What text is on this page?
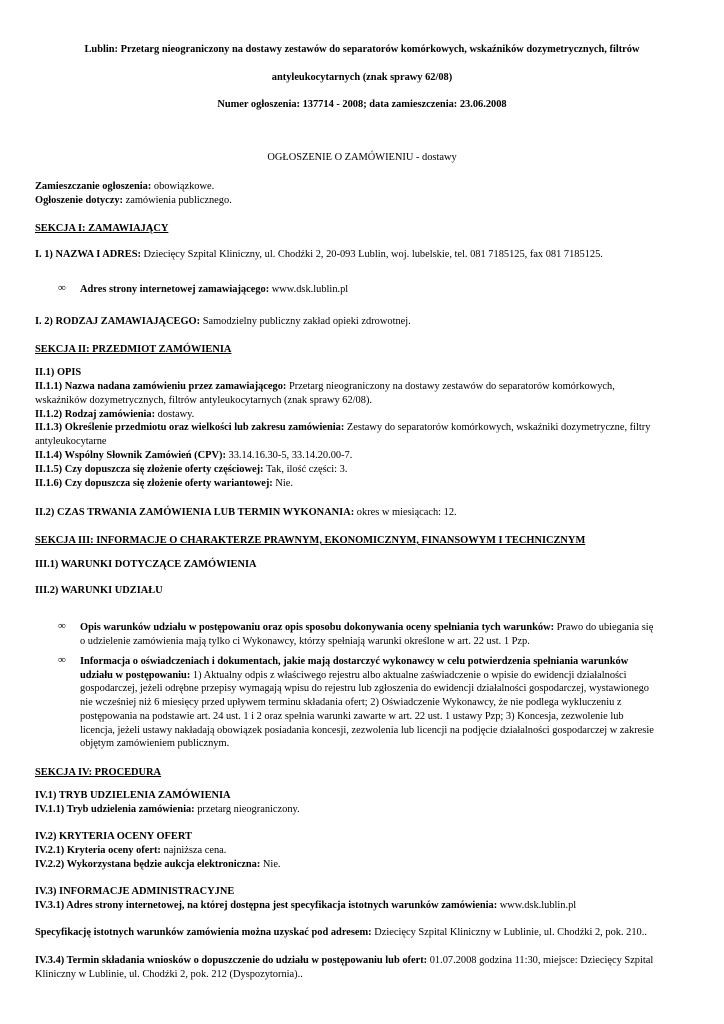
Lublin: Przetarg nieograniczony na dostawy zestawów do separatorów komórkowych, wskaźników dozymetrycznych, filtrów
antyleukocytarnych (znak sprawy 62/08)
Numer ogłoszenia: 137714 - 2008; data zamieszczenia: 23.06.2008
OGŁOSZENIE O ZAMÓWIENIU - dostawy
Zamieszczanie ogłoszenia: obowiązkowe.
Ogłoszenie dotyczy: zamówienia publicznego.
SEKCJA I: ZAMAWIAJĄCY
I. 1) NAZWA I ADRES: Dziecięcy Szpital Kliniczny, ul. Chodźki 2, 20-093 Lublin, woj. lubelskie, tel. 081 7185125, fax 081 7185125.
∞ Adres strony internetowej zamawiającego: www.dsk.lublin.pl
I. 2) RODZAJ ZAMAWIAJĄCEGO: Samodzielny publiczny zakład opieki zdrowotnej.
SEKCJA II: PRZEDMIOT ZAMÓWIENIA
II.1) OPIS
II.1.1) Nazwa nadana zamówieniu przez zamawiającego: Przetarg nieograniczony na dostawy zestawów do separatorów komórkowych,
wskaźników dozymetrycznych, filtrów antyleukocytarnych (znak sprawy 62/08).
II.1.2) Rodzaj zamówienia: dostawy.
II.1.3) Określenie przedmiotu oraz wielkości lub zakresu zamówienia: Zestawy do separatorów komórkowych, wskaźniki dozymetryczne, filtry
antyleukocytarne
II.1.4) Wspólny Słownik Zamówień (CPV): 33.14.16.30-5, 33.14.20.00-7.
II.1.5) Czy dopuszcza się złożenie oferty częściowej: Tak, ilość części: 3.
II.1.6) Czy dopuszcza się złożenie oferty wariantowej: Nie.
II.2) CZAS TRWANIA ZAMÓWIENIA LUB TERMIN WYKONANIA: okres w miesiącach: 12.
SEKCJA III: INFORMACJE O CHARAKTERZE PRAWNYM, EKONOMICZNYM, FINANSOWYM I TECHNICZNYM
III.1) WARUNKI DOTYCZĄCE ZAMÓWIENIA
III.2) WARUNKI UDZIAŁU
∞ Opis warunków udziału w postępowaniu oraz opis sposobu dokonywania oceny spełniania tych warunków: Prawo do ubiegania się
o udzielenie zamówienia mają tylko ci Wykonawcy, którzy spełniają warunki określone w art. 22 ust. 1 Pzp.
∞ Informacja o oświadczeniach i dokumentach, jakie mają dostarczyć wykonawcy w celu potwierdzenia spełniania warunków
udziału w postępowaniu: 1) Aktualny odpis z właściwego rejestru albo aktualne zaświadczenie o wpisie do ewidencji działalności
gospodarczej, jeżeli odrębne przepisy wymagają wpisu do rejestru lub zgłoszenia do ewidencji działalności gospodarczej, wystawionego
nie wcześniej niż 6 miesięcy przed upływem terminu składania ofert; 2) Oświadczenie Wykonawcy, że nie podlega wykluczeniu z
postępowania na podstawie art. 24 ust. 1 i 2 oraz spełnia warunki zawarte w art. 22 ust. 1 ustawy Pzp; 3) Koncesja, zezwolenie lub
licencja, jeżeli ustawy nakładają obowiązek posiadania koncesji, zezwolenia lub licencji na podjęcie działalności gospodarczej w zakresie
objętym zamówieniem publicznym.
SEKCJA IV: PROCEDURA
IV.1) TRYB UDZIELENIA ZAMÓWIENIA
IV.1.1) Tryb udzielenia zamówienia: przetarg nieograniczony.
IV.2) KRYTERIA OCENY OFERT
IV.2.1) Kryteria oceny ofert: najniższa cena.
IV.2.2) Wykorzystana będzie aukcja elektroniczna: Nie.
IV.3) INFORMACJE ADMINISTRACYJNE
IV.3.1) Adres strony internetowej, na której dostępna jest specyfikacja istotnych warunków zamówienia: www.dsk.lublin.pl
Specyfikację istotnych warunków zamówienia można uzyskać pod adresem: Dziecięcy Szpital Kliniczny w Lublinie, ul. Chodźki 2, pok. 210..
IV.3.4) Termin składania wniosków o dopuszczenie do udziału w postępowaniu lub ofert: 01.07.2008 godzina 11:30, miejsce: Dziecięcy Szpital
Kliniczny w Lublinie, ul. Chodźki 2, pok. 212 (Dyspozytornia)..
